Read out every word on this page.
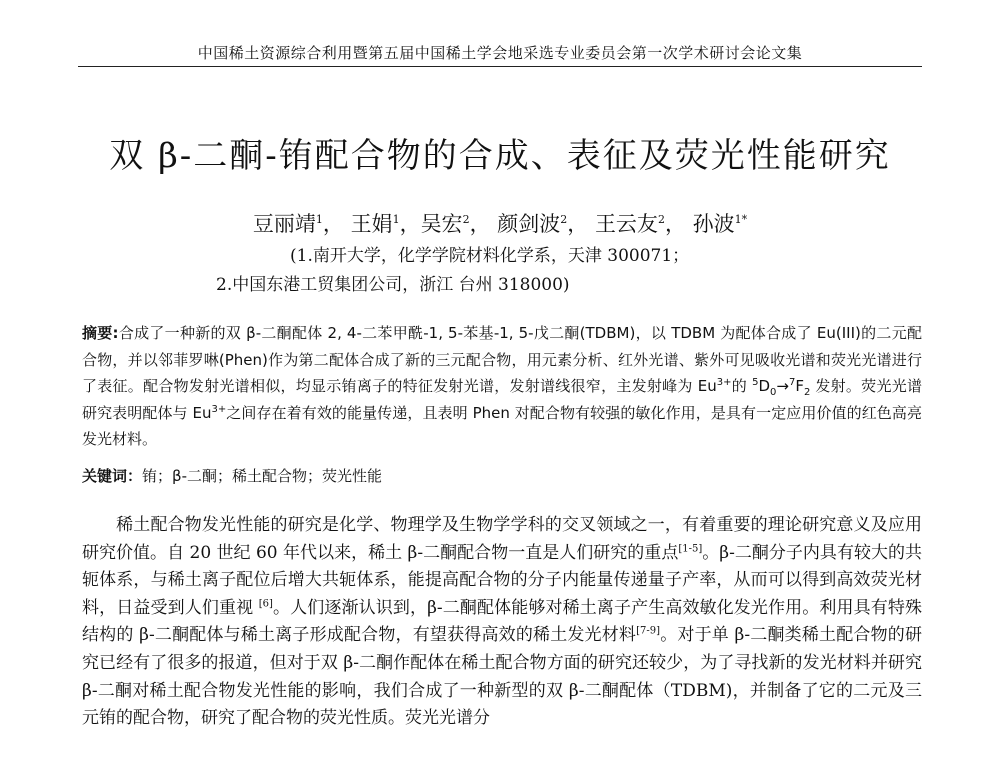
中国稀土资源综合利用暨第五届中国稀土学会地采选专业委员会第一次学术研讨会论文集
双 β-二酮-铕配合物的合成、表征及荧光性能研究
豆丽靖$^1$， 王娟$^1$，吴宏$^2$， 颜剑波$^2$， 王云友$^2$， 孙波$^{1*}$
(1.南开大学，化学学院材料化学系，天津 300071；
2.中国东港工贸集团公司，浙江 台州 318000)
摘要:合成了一种新的双 β-二酮配体 2, 4-二苯甲酰-1, 5-苯基-1, 5-戊二酮(TDBM)，以 TDBM 为配体合成了 Eu(III)的二元配合物，并以邻菲罗啉(Phen)作为第二配体合成了新的三元配合物，用元素分析、红外光谱、紫外可见吸收光谱和荧光光谱进行了表征。配合物发射光谱相似，均显示铕离子的特征发射光谱，发射谱线很窄，主发射峰为 $Eu^{3+}$的 $^5D_0\to^7F_2$ 发射。荧光光谱研究表明配体与 $Eu^{3+}$之间存在着有效的能量传递，且表明 Phen 对配合物有较强的敏化作用，是具有一定应用价值的红色高亮发光材料。
关键词：铕；β-二酮；稀土配合物；荧光性能
稀土配合物发光性能的研究是化学、物理学及生物学学科的交叉领域之一，有着重要的理论研究意义及应用研究价值。自 20 世纪 60 年代以来，稀土 β-二酮配合物一直是人们研究的重点[1-5]。β-二酮分子内具有较大的共轭体系，与稀土离子配位后增大共轭体系，能提高配合物的分子内能量传递量子产率，从而可以得到高效荧光材料，日益受到人们重视 [6]。人们逐渐认识到，β-二酮配体能够对稀土离子产生高效敏化发光作用。利用具有特殊结构的 β-二酮配体与稀土离子形成配合物，有望获得高效的稀土发光材料[7-9]。对于单 β-二酮类稀土配合物的研究已经有了很多的报道，但对于双 β-二酮作配体在稀土配合物方面的研究还较少，为了寻找新的发光材料并研究 β-二酮对稀土配合物发光性能的影响，我们合成了一种新型的双 β-二酮配体（TDBM)，并制备了它的二元及三元铕的配合物，研究了配合物的荧光性质。荧光光谱分
